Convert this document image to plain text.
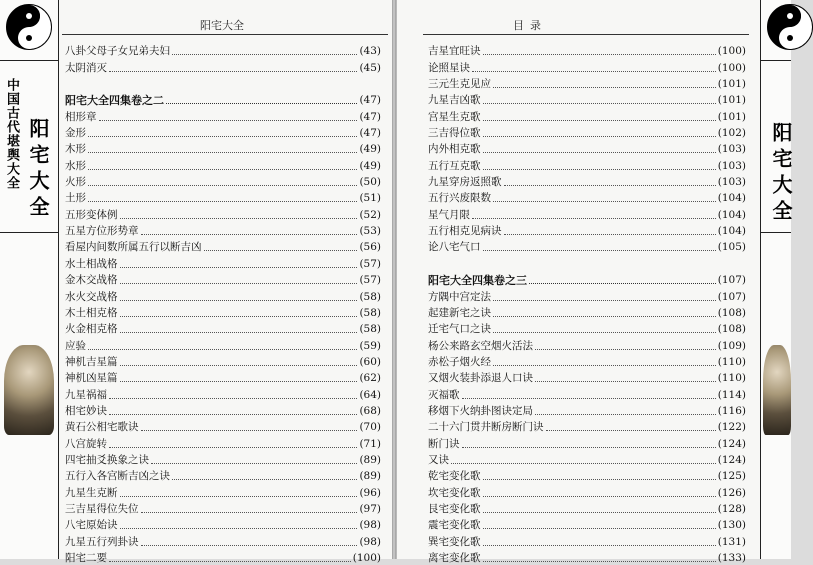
中国古代堪舆大全 阳宅大全
阳宅大全
八卦父母子女兄弟夫妇	(43)
太阴消灭	(45)
阳宅大全四集卷之二	(47)
相形章	(47)
金形	(47)
木形	(49)
水形	(49)
火形	(50)
土形	(51)
五形变体例	(52)
五星方位形势章	(53)
看屋内间数所属五行以断吉凶	(56)
水土相战格	(57)
金木交战格	(57)
水火交战格	(58)
木土相克格	(58)
火金相克格	(58)
应验	(59)
神机吉星篇	(60)
神机凶星篇	(62)
九星祸福	(64)
相宅妙诀	(68)
黄石公相宅歌诀	(70)
八宫旋转	(71)
四宅抽爻换象之诀	(89)
五行入各宫断吉凶之诀	(89)
九星生克断	(96)
三吉星得位失位	(97)
八宅原始诀	(98)
九星五行列卦诀	(98)
阳宅二要	(100)
目录
吉星宜旺诀	(100)
论照星诀	(100)
三元生克见应	(101)
九星吉凶歌	(101)
宫星生克歌	(101)
三吉得位歌	(102)
内外相克歌	(103)
五行互克歌	(103)
九星穿房返照歌	(103)
五行兴废限数	(104)
星气月限	(104)
五行相克见病诀	(104)
论八宅气口	(105)
阳宅大全四集卷之三	(107)
方隅中宫定法	(107)
起建新宅之诀	(108)
迁宅气口之诀	(108)
杨公来路玄空烟火活法	(109)
赤松子烟火经	(110)
又烟火装卦添退人口诀	(110)
灭福歌	(114)
移烟下火纳卦图诀定局	(116)
二十六门贯井断房断门诀	(122)
断门诀	(124)
又诀	(124)
乾宅变化歌	(125)
坎宅变化歌	(126)
艮宅变化歌	(128)
震宅变化歌	(130)
巽宅变化歌	(131)
离宅变化歌	(133)
阳宅大全
